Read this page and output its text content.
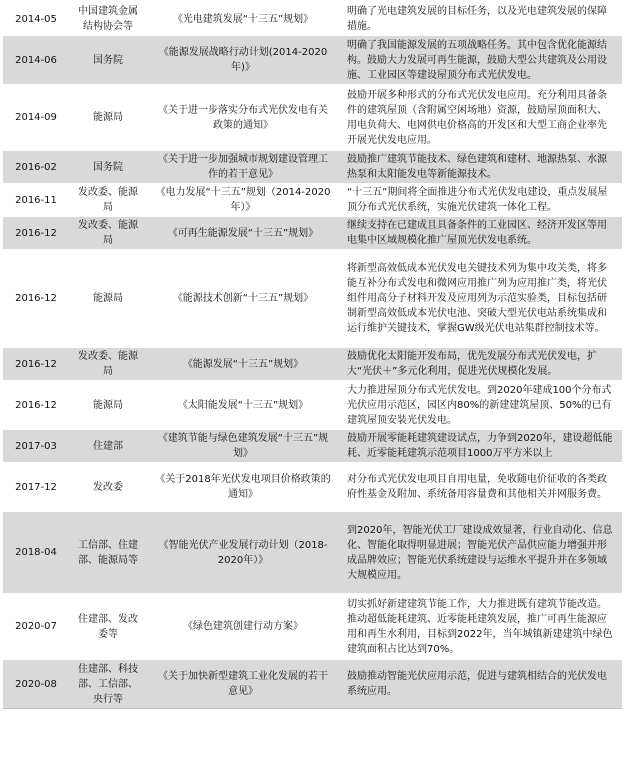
2014-05	中国建筑金属结构协会等	《光电建筑发展“十三五”规划》	明确了光电建筑发展的目标任务，以及光电建筑发展的保障措施。
2014-06	国务院	《能源发展战略行动计划(2014-2020年)》	明确了我国能源发展的五项战略任务。其中包含优化能源结构。鼓励大力发展可再生能源，鼓励大型公共建筑及公用设施、工业园区等建设屋顶分布式光伏发电。
2014-09	能源局	《关于进一步落实分布式光伏发电有关政策的通知》	鼓励开展多种形式的分布式光伏发电应用。充分利用具备条件的建筑屋顶（含附属空闲场地）资源，鼓励屋顶面积大、用电负荷大、电网供电价格高的开发区和大型工商企业率先开展光伏发电应用。
2016-02	国务院	《关于进一步加强城市规划建设管理工作的若干意见》	鼓励推广建筑节能技术、绿色建筑和建材、地源热泵、水源热泵和太阳能发电等新能源技术。
2016-11	发改委、能源局	《电力发展“十三五”规划（2014-2020年）》	“十三五”期间将全面推进分布式光伏发电建设，重点发展屋顶分布式光伏系统，实施光伏建筑一体化工程。
2016-12	发改委、能源局	《可再生能源发展“十三五”规划》	继续支持在已建成且具备条件的工业园区、经济开发区等用电集中区域规模化推广屋顶光伏发电系统。
2016-12	能源局	《能源技术创新“十三五”规划》	将新型高效低成本光伏发电关键技术列为集中攻关类，将多能互补分布式发电和微网应用推广列为应用推广类，将光伏组件用高分子材料开发及应用列为示范实验类，目标包括研制新型高效低成本光伏电池、突破大型光伏电站系统集成和运行维护关键技术，掌握GW级光伏电站集群控制技术等。
2016-12	发改委、能源局	《能源发展“十三五”规划》	鼓励优化太阳能开发布局，优先发展分布式光伏发电，扩大“光伏＋”多元化利用，促进光伏规模化发展。
2016-12	能源局	《太阳能发展“十三五”规划》	大力推进屋顶分布式光伏发电。到2020年建成100个分布式光伏应用示范区，园区内80%的新建建筑屋顶、50%的已有建筑屋顶安装光伏发电。
2017-03	住建部	《建筑节能与绿色建筑发展“十三五”规划》	鼓励开展零能耗建筑建设试点，力争到2020年，建设超低能耗、近零能耗建筑示范项目1000万平方米以上
2017-12	发改委	《关于2018年光伏发电项目价格政策的通知》	对分布式光伏发电项目自用电量，免收随电价征收的各类政府性基金及附加、系统备用容量费和其他相关并网服务费。
2018-04	工信部、住建部、能源局等	《智能光伏产业发展行动计划（2018-2020年）》	到2020年，智能光伏工厂建设成效显著，行业自动化、信息化、智能化取得明显进展；智能光伏产品供应能力增强并形成品牌效应；智能光伏系统建设与运维水平提升并在多领域大规模应用。
2020-07	住建部、发改委等	《绿色建筑创建行动方案》	切实抓好新建建筑节能工作，大力推进既有建筑节能改造。推动超低能耗建筑、近零能耗建筑发展，推广可再生能源应用和再生水利用，目标到2022年，当年城镇新建建筑中绿色建筑面积占比达到70%。
2020-08	住建部、科技部、工信部、央行等	《关于加快新型建筑工业化发展的若干意见》	鼓励推动智能光伏应用示范，促进与建筑相结合的光伏发电系统应用。
